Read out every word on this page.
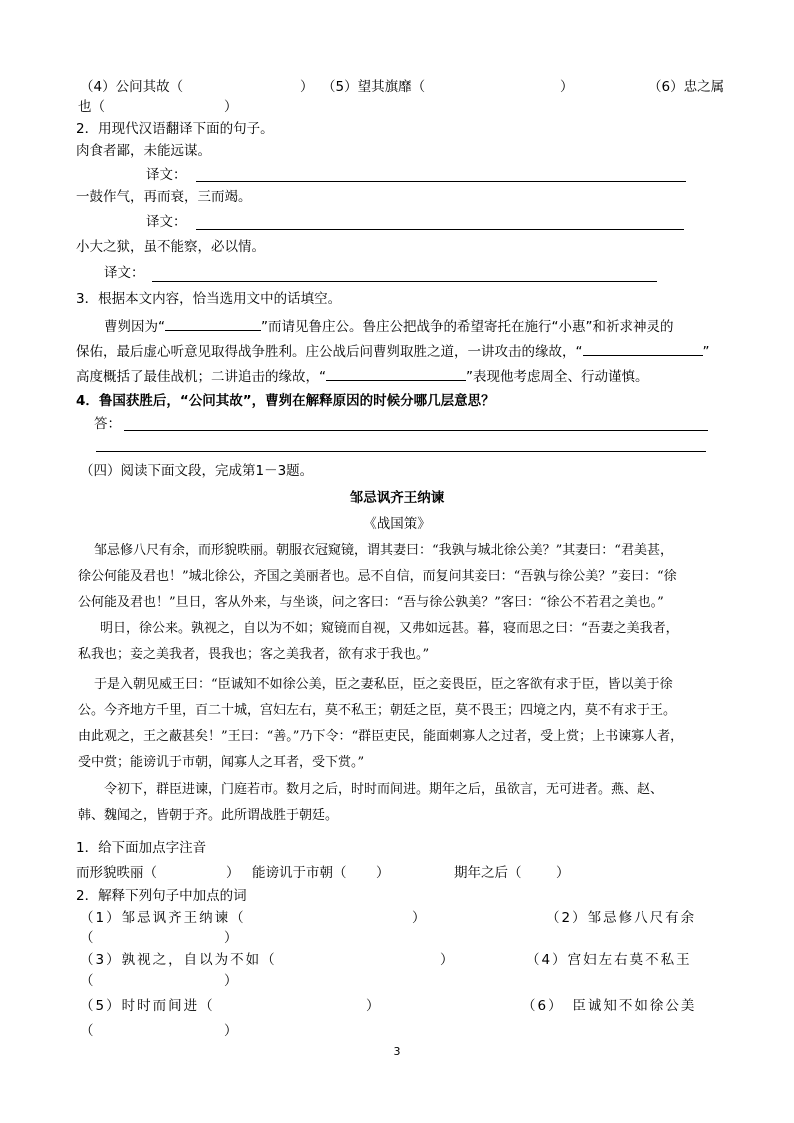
（4）公问其故（	） （5）望其旗靡（	）	（6）忠之属
也（	）
2．用现代汉语翻译下面的句子。
肉食者鄙，未能远谋。
译文：
一鼓作气，再而衰，三而竭。
译文：
小大之狱，虽不能察，必以情。
译文：
3．根据本文内容，恰当选用文中的话填空。
曹刿因为“	”而请见鲁庄公。鲁庄公把战争的希望寄托在施行“小惠”和祈求神灵的
保佑，最后虚心听意见取得战争胜利。庄公战后问曹刿取胜之道，一讲攻击的缘故，“	”
高度概括了最佳战机；二讲追击的缘故，“	”表现他考虑周全、行动谨慎。
4．鲁国获胜后，“公问其故”，曹刿在解释原因的时候分哪几层意思？
答：
（四）阅读下面文段，完成第1－3题。
邹忌讽齐王纳谏
《战国策》
邹忌修八尺有余，而形貌昳丽。朝服衣冠窥镜，谓其妻曰：“我孰与城北徐公美？”其妻曰：“君美甚，
徐公何能及君也！”城北徐公，齐国之美丽者也。忌不自信，而复问其妾曰：“吾孰与徐公美？”妾曰：“徐
公何能及君也！”旦日，客从外来，与坐谈，问之客曰：“吾与徐公孰美？”客曰：“徐公不若君之美也。”
明日，徐公来。孰视之，自以为不如；窥镜而自视，又弗如远甚。暮，寝而思之曰：“吾妻之美我者，
私我也；妾之美我者，畏我也；客之美我者，欲有求于我也。”
于是入朝见威王曰：“臣诚知不如徐公美，臣之妻私臣，臣之妾畏臣，臣之客欲有求于臣，皆以美于徐
公。今齐地方千里，百二十城，宫妇左右，莫不私王；朝廷之臣，莫不畏王；四境之内，莫不有求于王。
由此观之，王之蔽甚矣！”王曰：“善。”乃下令：“群臣吏民，能面刺寡人之过者，受上赏；上书谏寡人者，
受中赏；能谤讥于市朝，闻寡人之耳者，受下赏。”
令初下，群臣进谏，门庭若市。数月之后，时时而间进。期年之后，虽欲言，无可进者。燕、赵、
韩、魏闻之，皆朝于齐。此所谓战胜于朝廷。
1．给下面加点字注音
而形貌昳丽（	） 能谤讥于市朝（ ）	期年之后（	）
2．解释下列句子中加点的词
（1）邹忌讽齐王纳谏（	）	（2）邹忌修八尺有余
（	）
（3）孰视之，自以为不如（	）	（4）宫妇左右莫不私王
（	）
（5）时时而间进（	）	（6）　臣诚知不如徐公美
（	）
3
